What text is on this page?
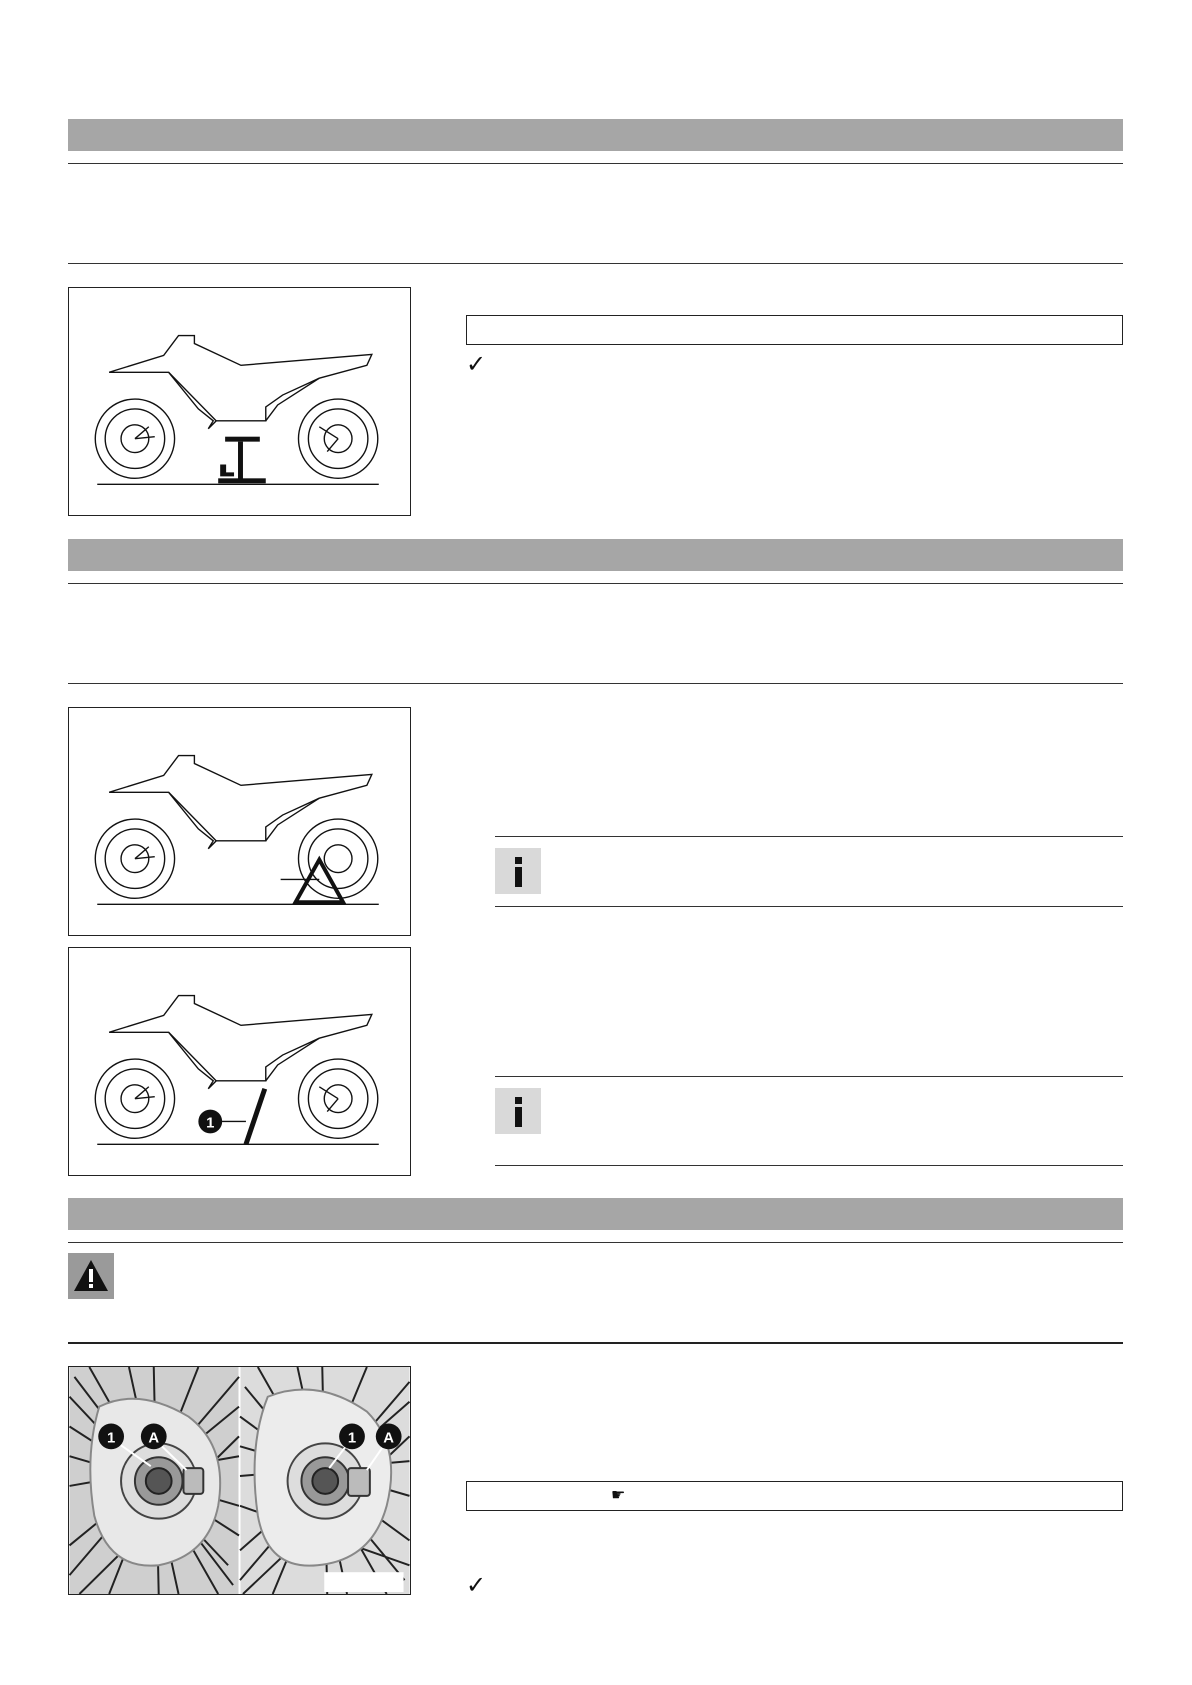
✓
1
1 A	1 A
☛
✓
